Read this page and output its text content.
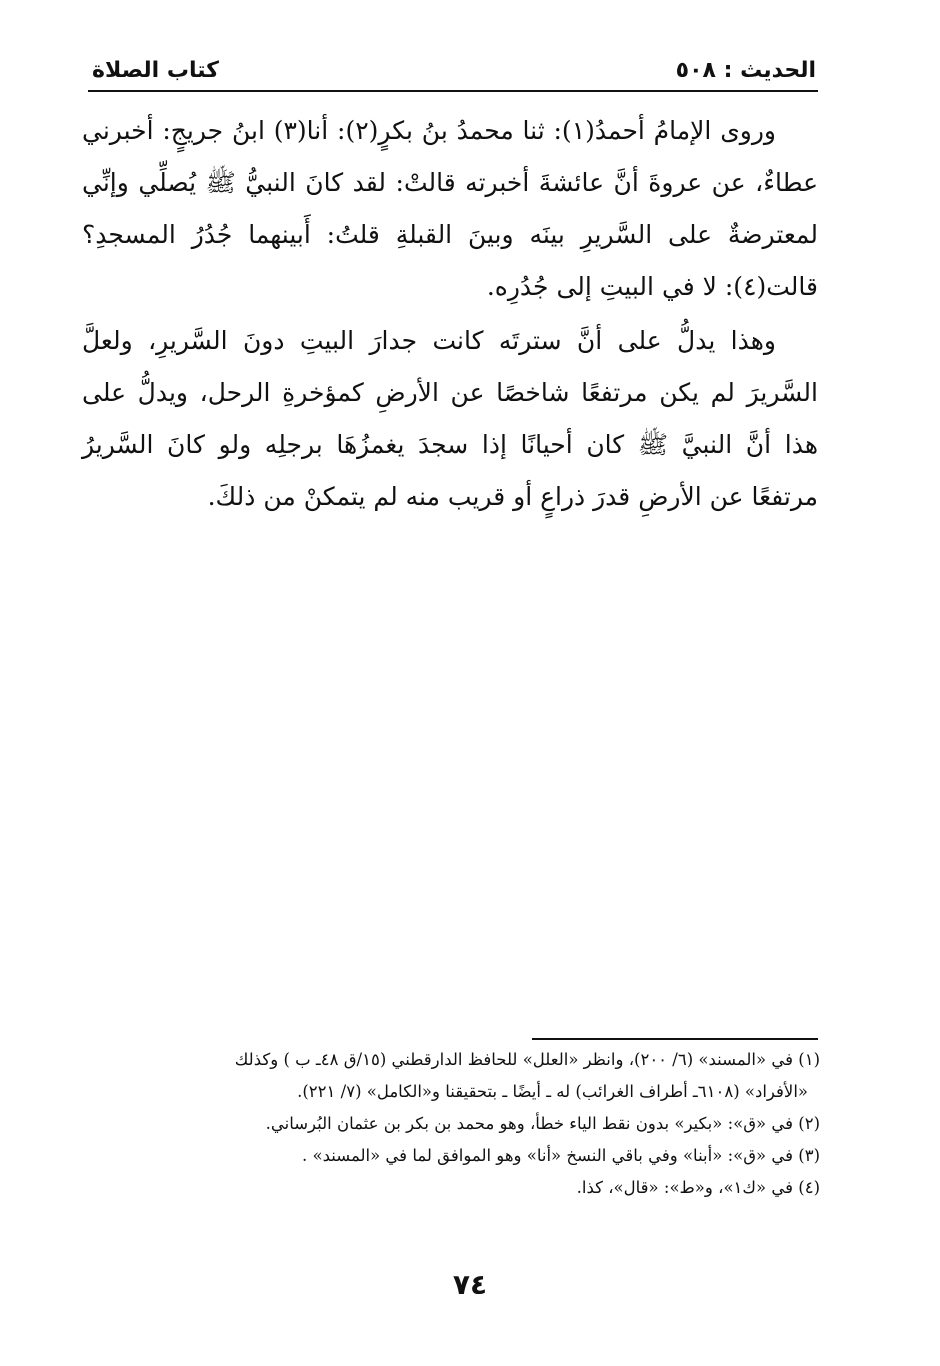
الحديث : ٥٠٨
كتاب الصلاة

وروى الإمامُ أحمدُ(١): ثنا محمدُ بنُ بكرٍ(٢): أنا(٣) ابنُ جريجٍ: أخبرني عطاءٌ، عن عروةَ أنَّ عائشةَ أخبرته قالتْ: لقد كانَ النبيُّ ﷺ يُصلِّي وإنِّي لمعترضةٌ على السَّريرِ بينَه وبينَ القبلةِ قلتُ: أَبينهما جُدُرُ المسجدِ؟ قالت(٤): لا في البيتِ إلى جُدُرِه.

وهذا يدلُّ على أنَّ سترتَه كانت جدارَ البيتِ دونَ السَّريرِ، ولعلَّ السَّريرَ لم يكن مرتفعًا شاخصًا عن الأرضِ كمؤخرةِ الرحل، ويدلُّ على هذا أنَّ النبيَّ ﷺ كان أحيانًا إذا سجدَ يغمزُهَا برجلِه ولو كانَ السَّريرُ مرتفعًا عن الأرضِ قدرَ ذراعٍ أو قريب منه لم يتمكنْ من ذلكَ.

(١) في «المسند» (٦/ ٢٠٠)، وانظر «العلل» للحافظ الدارقطني (١٥/ق ٤٨ـ ب ) وكذلك

«الأفراد» (٦١٠٨ـ أطراف الغرائب) له ـ أيضًا ـ بتحقيقنا و«الكامل» (٧/ ٢٢١).

(٢) في «ق»: «بكير» بدون نقط الياء خطأ، وهو محمد بن بكر بن عثمان البُرساني.

(٣) في «ق»: «أبنا» وفي باقي النسخ «أنا» وهو الموافق لما في «المسند» .

(٤) في «ك١»، و«ط»: «قال»، كذا.

٧٤
